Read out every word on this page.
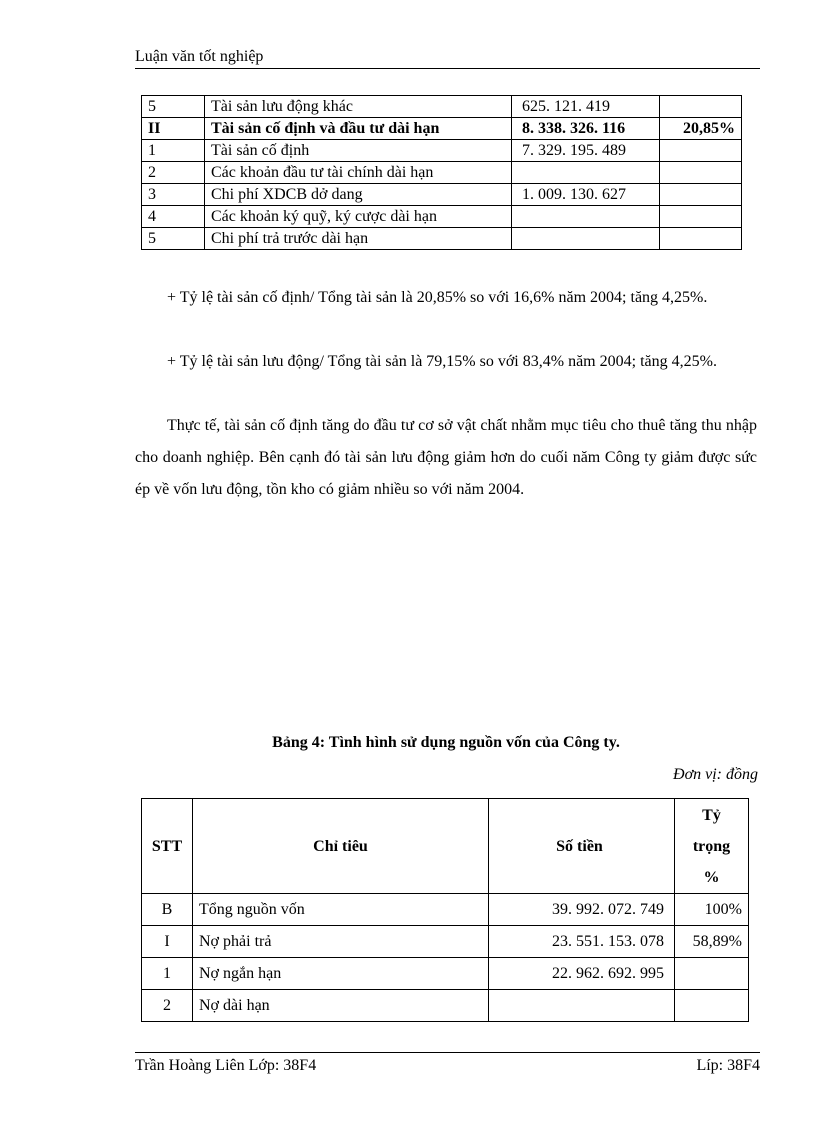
Luận văn tốt nghiệp
5	Tài sản lưu động khác	625. 121. 419	
II	Tài sản cố định và đầu tư dài hạn	8. 338. 326. 116	20,85%
1	Tài sản cố định	7. 329. 195. 489	
2	Các khoản đầu tư tài chính dài hạn		
3	Chi phí XDCB dở dang	1. 009. 130. 627	
4	Các khoản ký quỹ, ký cược dài hạn		
5	Chi phí trả trước dài hạn		

+ Tỷ lệ tài sản cố định/ Tổng tài sản là 20,85% so với 16,6% năm 2004; tăng 4,25%.

+ Tỷ lệ tài sản lưu động/ Tổng tài sản là 79,15% so với 83,4% năm 2004; tăng 4,25%.

Thực tế, tài sản cố định tăng do đầu tư cơ sở vật chất nhằm mục tiêu cho thuê tăng thu nhập cho doanh nghiệp. Bên cạnh đó tài sản lưu động giảm hơn do cuối năm Công ty giảm được sức ép về vốn lưu động, tồn kho có giảm nhiều so với năm 2004.

Bảng 4: Tình hình sử dụng nguồn vốn của Công ty.
Đơn vị: đồng
STT	Chỉ tiêu	Số tiền	Tỷ
trọng
%

B	Tổng nguồn vốn	39. 992. 072. 749	100%
I	Nợ phải trả	23. 551. 153. 078	58,89%
1	Nợ ngắn hạn	22. 962. 692. 995	
2	Nợ dài hạn		
Trần Hoàng Liên Lớp: 38F4	Líp: 38F4
